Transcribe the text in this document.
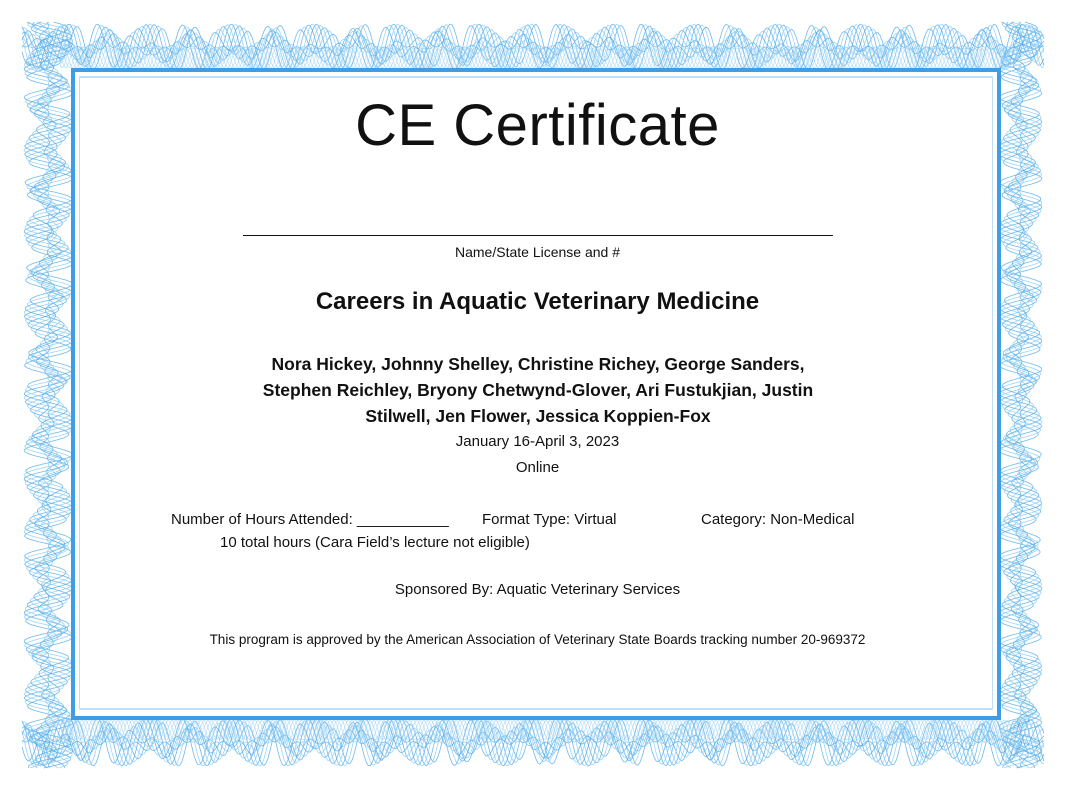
CE Certificate
Name/State License and #
Careers in Aquatic Veterinary Medicine
Nora Hickey, Johnny Shelley, Christine Richey, George Sanders, Stephen Reichley, Bryony Chetwynd-Glover, Ari Fustukjian, Justin Stilwell, Jen Flower, Jessica Koppien-Fox
January 16-April 3, 2023
Online
Number of Hours Attended: ___________ Format Type: Virtual	Category: Non-Medical
10 total hours (Cara Field’s lecture not eligible)
Sponsored By: Aquatic Veterinary Services
This program is approved by the American Association of Veterinary State Boards tracking number 20-969372
